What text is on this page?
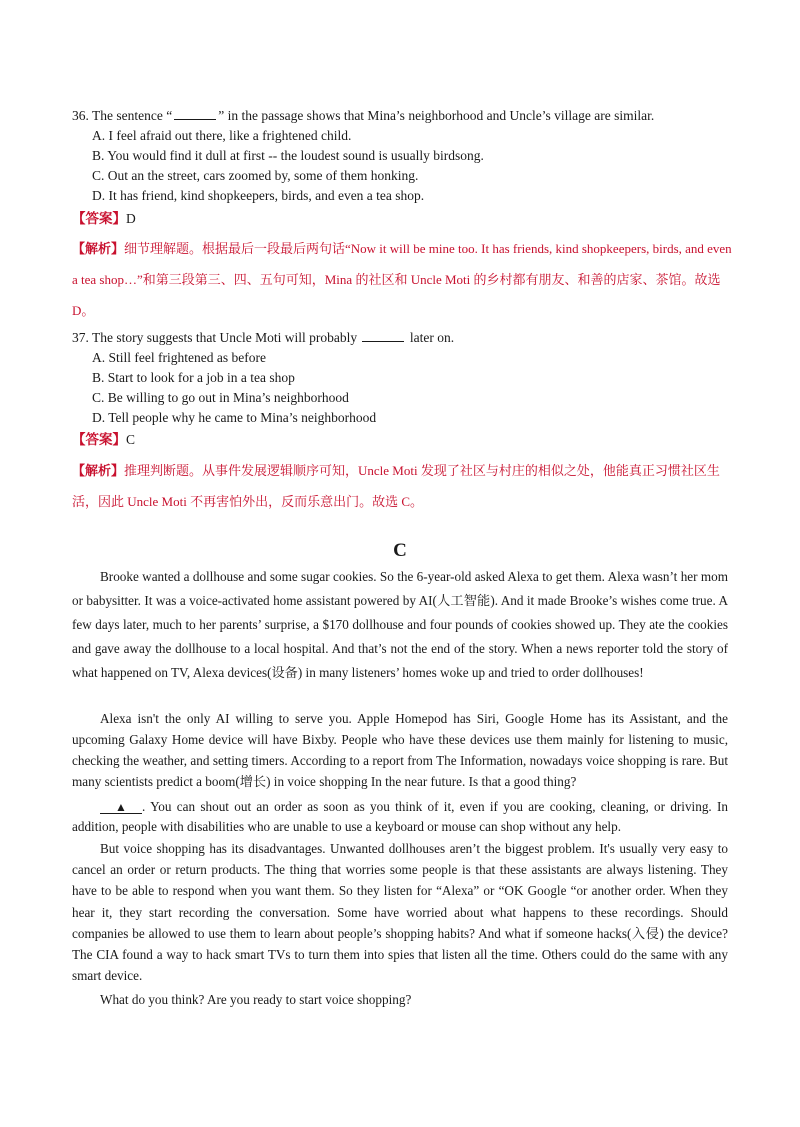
36. The sentence “	” in the passage shows that Mina’s neighborhood and Uncle’s village are similar.
A. I feel afraid out there, like a frightened child.
B. You would find it dull at first -- the loudest sound is usually birdsong.
C. Out an the street, cars zoomed by, some of them honking.
D. It has friend, kind shopkeepers, birds, and even a tea shop.
【答案】D
【解析】细节理解题。根据最后一段最后两句话“Now it will be mine too. It has friends, kind shopkeepers, birds, and even a tea shop…”和第三段第三、四、五句可知，Mina 的社区和 Uncle Moti 的乡村都有朋友、和善的店家、茶馆。故选 D。
37. The story suggests that Uncle Moti will probably	later on.
A. Still feel frightened as before
B. Start to look for a job in a tea shop
C. Be willing to go out in Mina’s neighborhood
D. Tell people why he came to Mina’s neighborhood
【答案】C
【解析】推理判断题。从事件发展逻辑顺序可知，Uncle Moti 发现了社区与村庄的相似之处，他能真正习惯社区生活，因此 Uncle Moti 不再害怕外出，反而乐意出门。故选 C。
C
Brooke wanted a dollhouse and some sugar cookies. So the 6-year-old asked Alexa to get them. Alexa wasn’t her mom or babysitter. It was a voice-activated home assistant powered by AI(人工智能). And it made Brooke’s wishes come true. A few days later, much to her parents’ surprise, a $170 dollhouse and four pounds of cookies showed up. They ate the cookies and gave away the dollhouse to a local hospital. And that’s not the end of the story. When a news reporter told the story of what happened on TV, Alexa devices(设备) in many listeners’ homes woke up and tried to order dollhouses!
Alexa isn't the only AI willing to serve you. Apple Homepod has Siri, Google Home has its Assistant, and the upcoming Galaxy Home device will have Bixby. People who have these devices use them mainly for listening to music, checking the weather, and setting timers. According to a report from The Information, nowadays voice shopping is rare. But many scientists predict a boom(增长) in voice shopping In the near future. Is that a good thing?
▲ . You can shout out an order as soon as you think of it, even if you are cooking, cleaning, or driving. In addition, people with disabilities who are unable to use a keyboard or mouse can shop without any help.
But voice shopping has its disadvantages. Unwanted dollhouses aren’t the biggest problem. It's usually very easy to cancel an order or return products. The thing that worries some people is that these assistants are always listening. They have to be able to respond when you want them. So they listen for “Alexa” or “OK Google “or another order. When they hear it, they start recording the conversation. Some have worried about what happens to these recordings. Should companies be allowed to use them to learn about people’s shopping habits? And what if someone hacks(入侵) the device? The CIA found a way to hack smart TVs to turn them into spies that listen all the time. Others could do the same with any smart device.
What do you think? Are you ready to start voice shopping?
